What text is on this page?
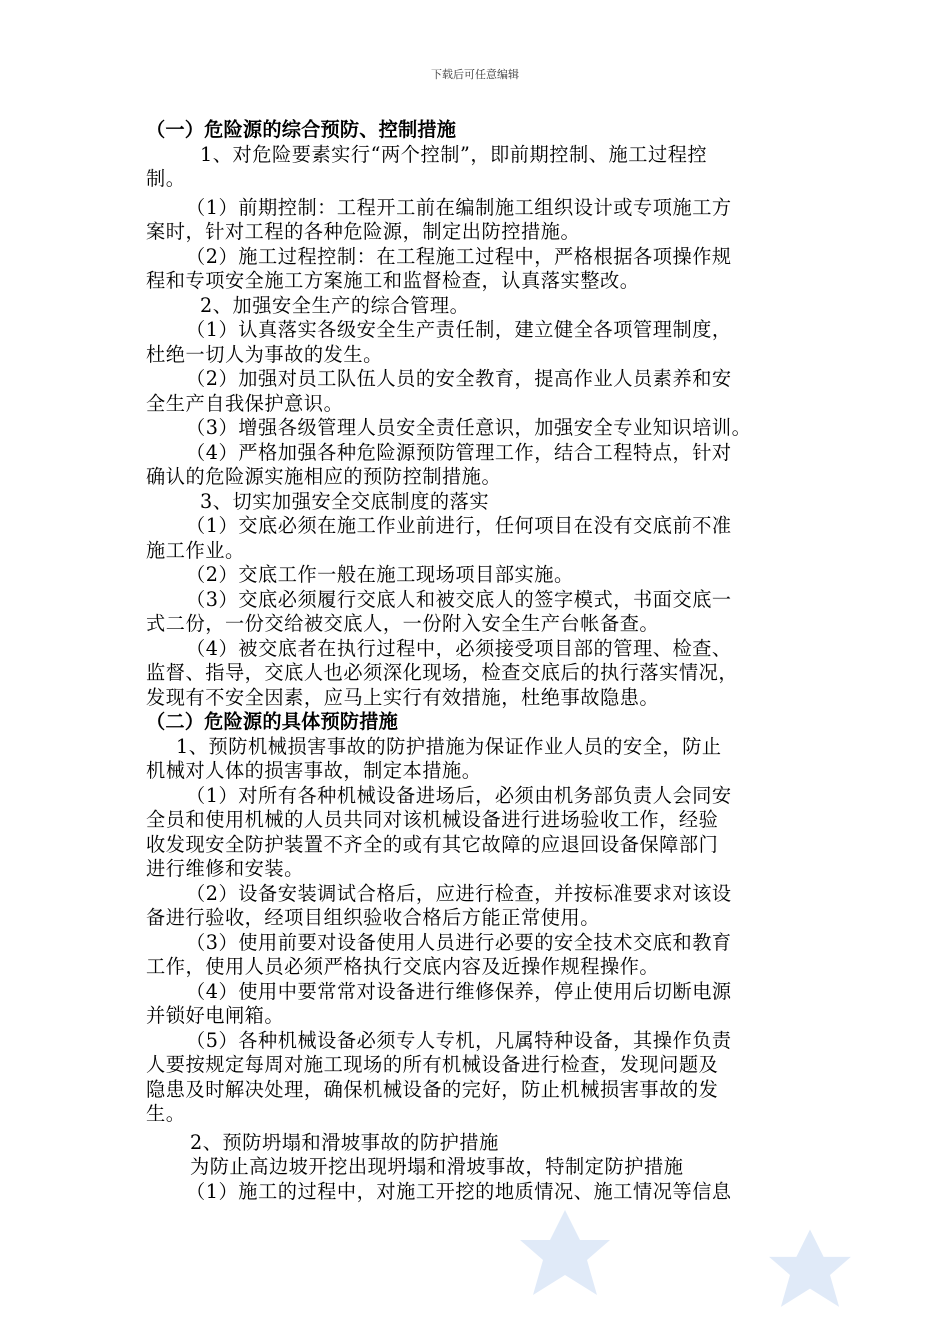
下载后可任意编辑
（一）危险源的综合预防、控制措施
1、对危险要素实行“两个控制”，即前期控制、施工过程控
制。
（1）前期控制：工程开工前在编制施工组织设计或专项施工方
案时，针对工程的各种危险源，制定出防控措施。
（2）施工过程控制：在工程施工过程中，严格根据各项操作规
程和专项安全施工方案施工和监督检查，认真落实整改。
2、加强安全生产的综合管理。
（1）认真落实各级安全生产责任制，建立健全各项管理制度，
杜绝一切人为事故的发生。
（2）加强对员工队伍人员的安全教育，提高作业人员素养和安
全生产自我保护意识。
（3）增强各级管理人员安全责任意识，加强安全专业知识培训。
（4）严格加强各种危险源预防管理工作，结合工程特点，针对
确认的危险源实施相应的预防控制措施。
3、切实加强安全交底制度的落实
（1）交底必须在施工作业前进行，任何项目在没有交底前不准
施工作业。
（2）交底工作一般在施工现场项目部实施。
（3）交底必须履行交底人和被交底人的签字模式，书面交底一
式二份，一份交给被交底人，一份附入安全生产台帐备查。
（4）被交底者在执行过程中，必须接受项目部的管理、检查、
监督、指导，交底人也必须深化现场，检查交底后的执行落实情况，
发现有不安全因素，应马上实行有效措施，杜绝事故隐患。
（二）危险源的具体预防措施
1、预防机械损害事故的防护措施为保证作业人员的安全，防止
机械对人体的损害事故，制定本措施。
（1）对所有各种机械设备进场后，必须由机务部负责人会同安
全员和使用机械的人员共同对该机械设备进行进场验收工作，经验
收发现安全防护装置不齐全的或有其它故障的应退回设备保障部门
进行维修和安装。
（2）设备安装调试合格后，应进行检查，并按标准要求对该设
备进行验收，经项目组织验收合格后方能正常使用。
（3）使用前要对设备使用人员进行必要的安全技术交底和教育
工作，使用人员必须严格执行交底内容及近操作规程操作。
（4）使用中要常常对设备进行维修保养，停止使用后切断电源
并锁好电闸箱。
（5）各种机械设备必须专人专机，凡属特种设备，其操作负责
人要按规定每周对施工现场的所有机械设备进行检查，发现问题及
隐患及时解决处理，确保机械设备的完好，防止机械损害事故的发
生。
2、预防坍塌和滑坡事故的防护措施
为防止高边坡开挖出现坍塌和滑坡事故，特制定防护措施
（1）施工的过程中，对施工开挖的地质情况、施工情况等信息
